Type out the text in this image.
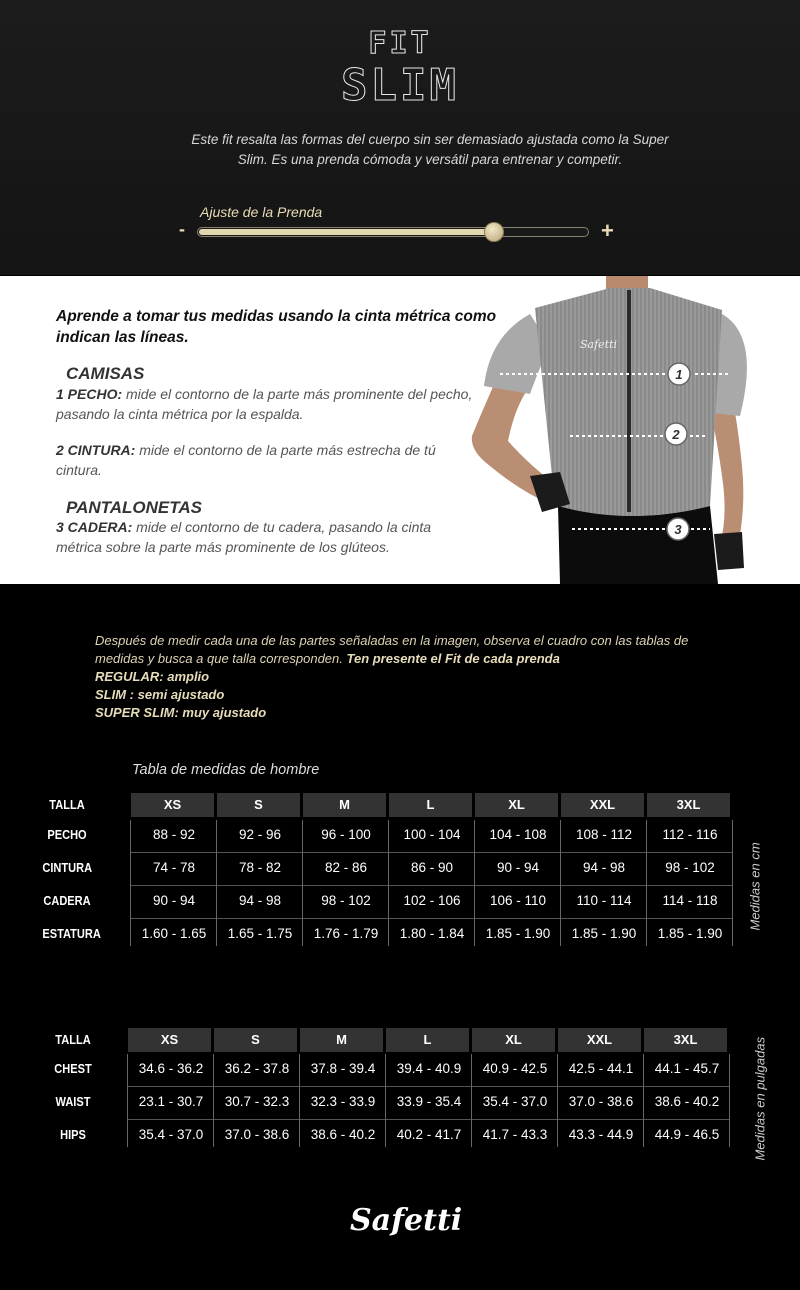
FIT
SLIM
Este fit resalta las formas del cuerpo sin ser demasiado ajustada como la Super Slim. Es una prenda cómoda y versátil para entrenar y competir.
Ajuste de la Prenda
-	+
Aprende a tomar tus medidas usando la cinta métrica como indican las líneas.
CAMISAS
1 PECHO: mide el contorno de la parte más prominente del pecho, pasando la cinta métrica por la espalda.
2 CINTURA: mide el contorno de la parte más estrecha de tú cintura.
PANTALONETAS
3 CADERA: mide el contorno de tu cadera, pasando la cinta métrica sobre la parte más prominente de los glúteos.
Safetti
1
2
3
Después de medir cada una de las partes señaladas en la imagen, observa el cuadro con las tablas de medidas y busca a que talla corresponden. Ten presente el Fit de cada prenda
REGULAR: amplio
SLIM : semi ajustado
SUPER SLIM: muy ajustado
Tabla de medidas de hombre
TALLA	XS	S	M	L	XL	XXL	3XL
PECHO	88 - 92	92 - 96	96 - 100	100 - 104	104 - 108	108 - 112	112 - 116
CINTURA	74 - 78	78 - 82	82 - 86	86 - 90	90 - 94	94 - 98	98 - 102
CADERA	90 - 94	94 - 98	98 - 102	102 - 106	106 - 110	110 - 114	114 - 118
ESTATURA	1.60 - 1.65	1.65 - 1.75	1.76 - 1.79	1.80 - 1.84	1.85 - 1.90	1.85 - 1.90	1.85 - 1.90
Medidas en cm
TALLA	XS	S	M	L	XL	XXL	3XL
CHEST	34.6 - 36.2	36.2 - 37.8	37.8 - 39.4	39.4 - 40.9	40.9 - 42.5	42.5 - 44.1	44.1 - 45.7
WAIST	23.1 - 30.7	30.7 - 32.3	32.3 - 33.9	33.9 - 35.4	35.4 - 37.0	37.0 - 38.6	38.6 - 40.2
HIPS	35.4 - 37.0	37.0 - 38.6	38.6 - 40.2	40.2 - 41.7	41.7 - 43.3	43.3 - 44.9	44.9 - 46.5	Medidas en pulgadas
Safetti
